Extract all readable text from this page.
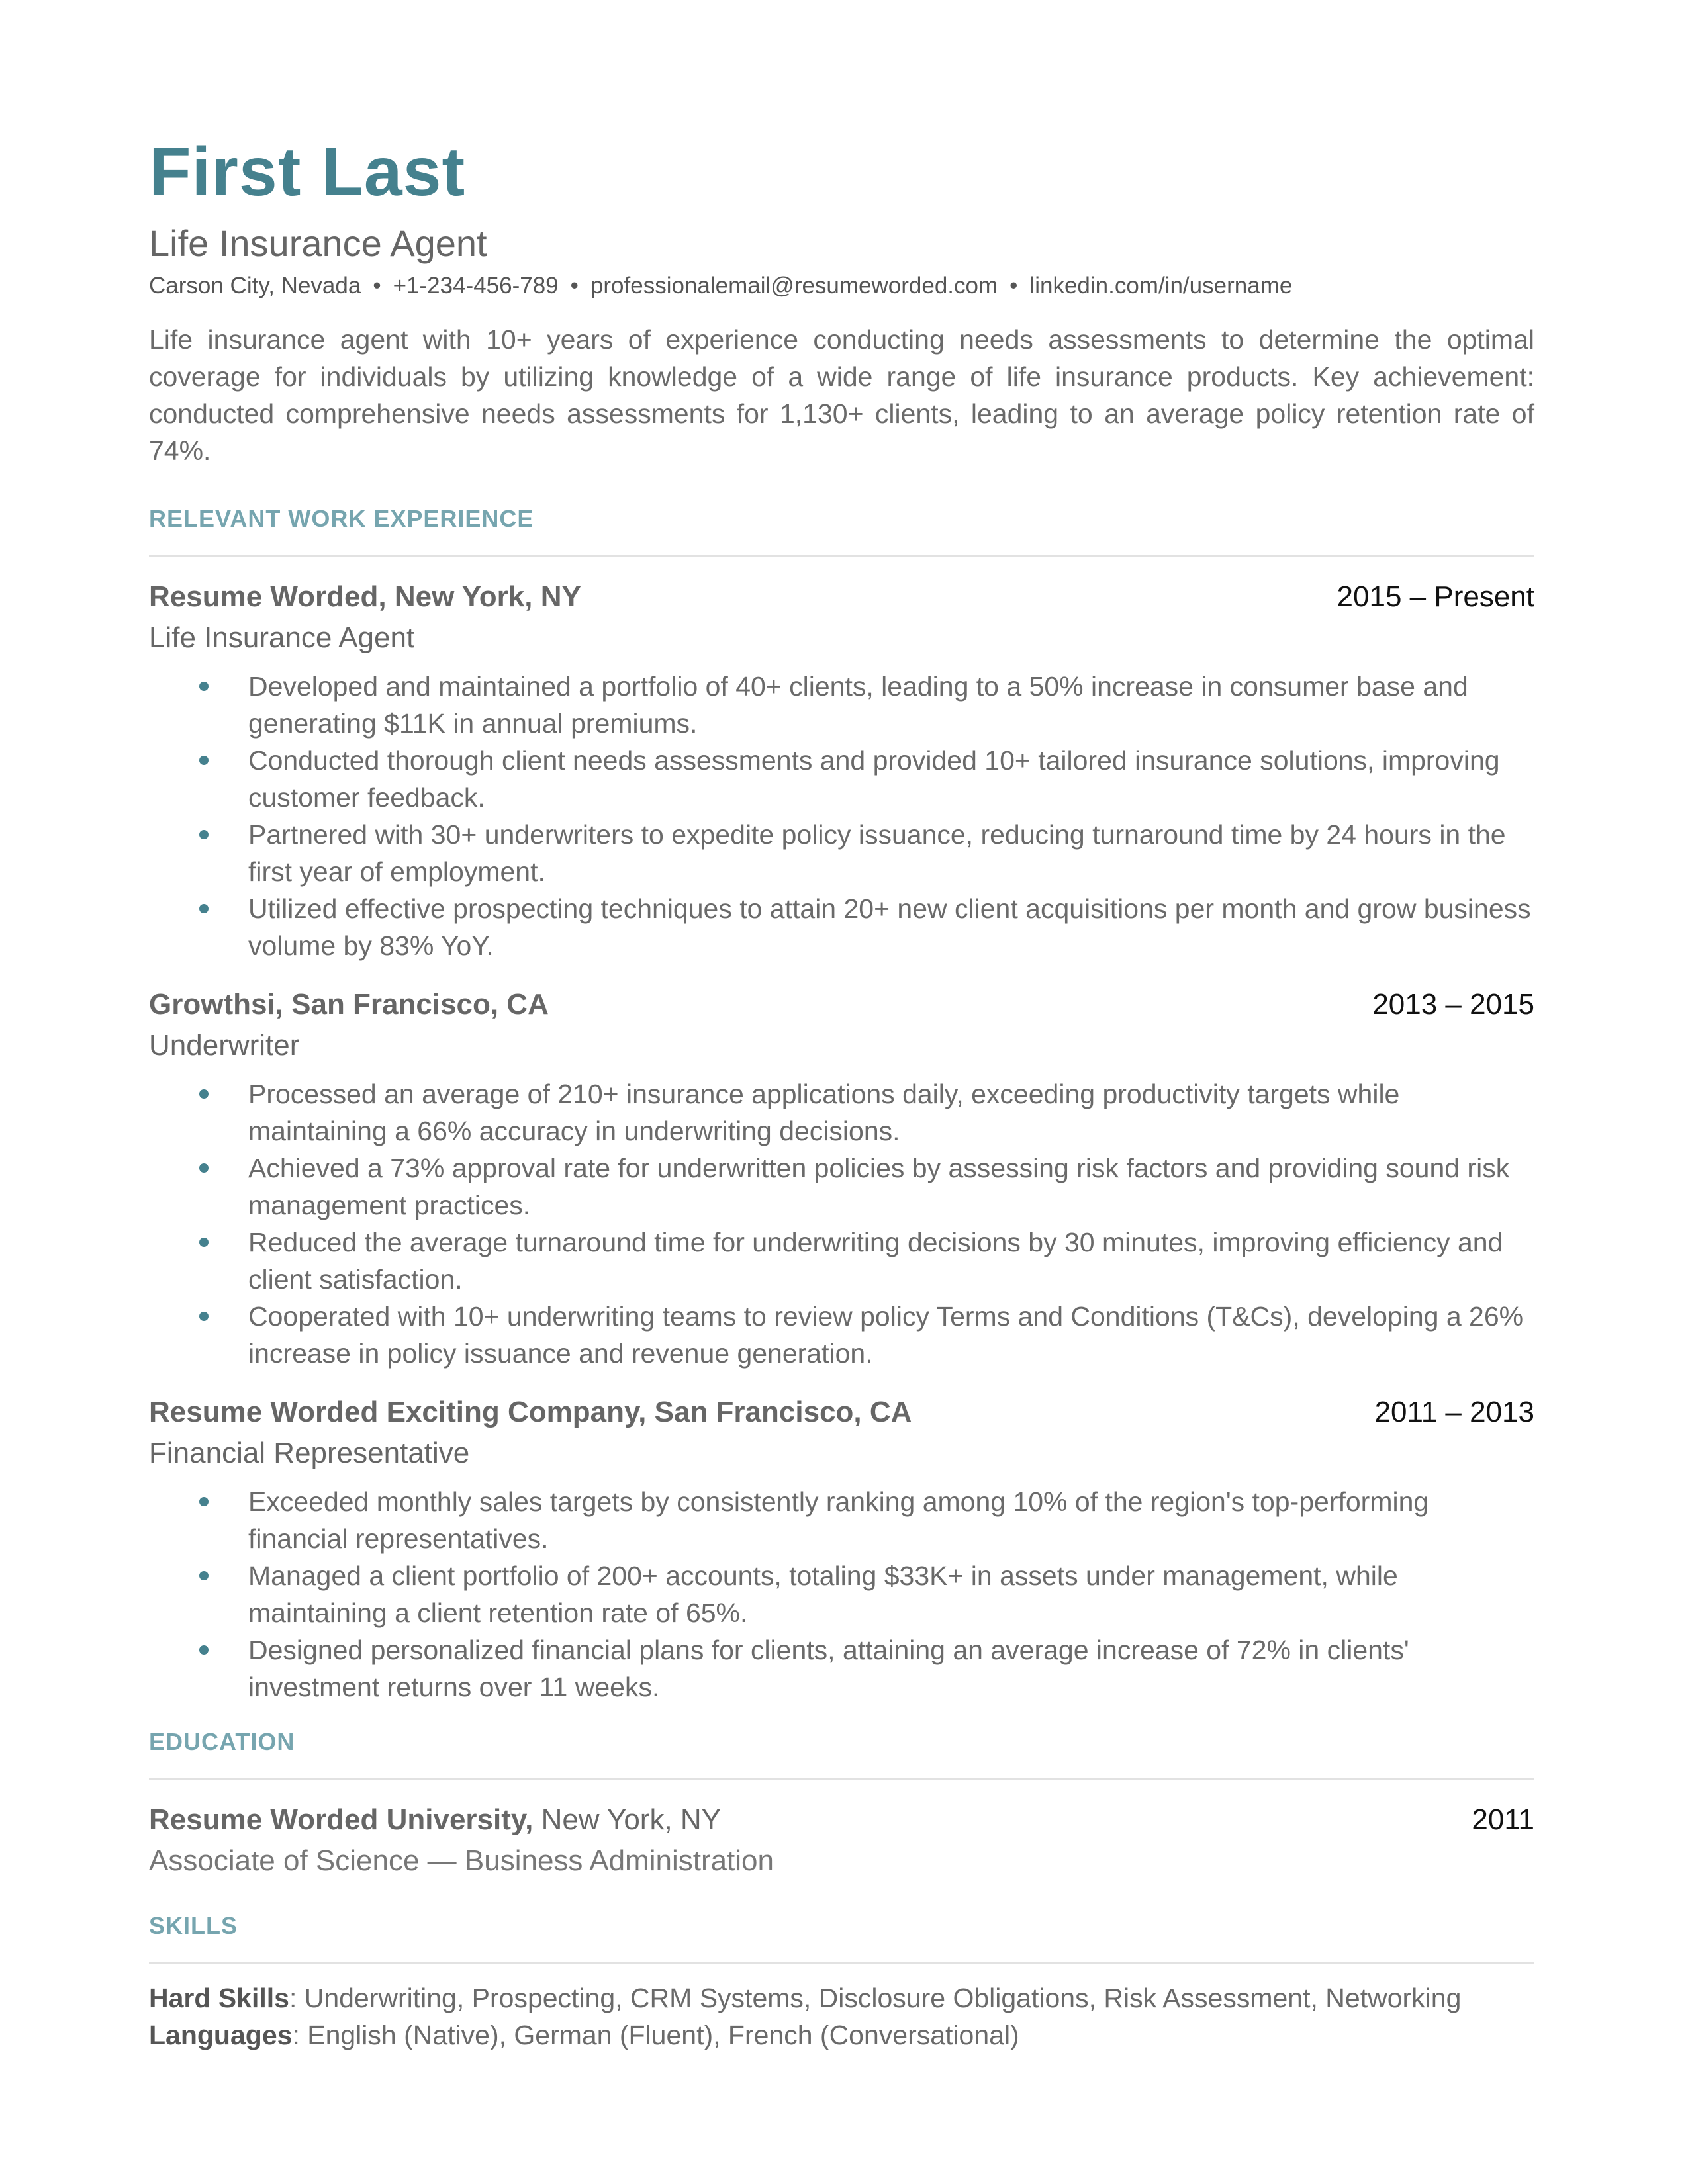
First Last
Life Insurance Agent
Carson City, Nevada • +1-234-456-789 • professionalemail@resumeworded.com • linkedin.com/in/username
Life insurance agent with 10+ years of experience conducting needs assessments to determine the optimal coverage for individuals by utilizing knowledge of a wide range of life insurance products. Key achievement: conducted comprehensive needs assessments for 1,130+ clients, leading to an average policy retention rate of 74%.
RELEVANT WORK EXPERIENCE
Resume Worded, New York, NY	2015 – Present
Life Insurance Agent
Developed and maintained a portfolio of 40+ clients, leading to a 50% increase in consumer base and generating $11K in annual premiums.
Conducted thorough client needs assessments and provided 10+ tailored insurance solutions, improving customer feedback.
Partnered with 30+ underwriters to expedite policy issuance, reducing turnaround time by 24 hours in the first year of employment.
Utilized effective prospecting techniques to attain 20+ new client acquisitions per month and grow business volume by 83% YoY.
Growthsi, San Francisco, CA	2013 – 2015
Underwriter
Processed an average of 210+ insurance applications daily, exceeding productivity targets while maintaining a 66% accuracy in underwriting decisions.
Achieved a 73% approval rate for underwritten policies by assessing risk factors and providing sound risk management practices.
Reduced the average turnaround time for underwriting decisions by 30 minutes, improving efficiency and client satisfaction.
Cooperated with 10+ underwriting teams to review policy Terms and Conditions (T&Cs), developing a 26% increase in policy issuance and revenue generation.
Resume Worded Exciting Company, San Francisco, CA	2011 – 2013
Financial Representative
Exceeded monthly sales targets by consistently ranking among 10% of the region's top-performing financial representatives.
Managed a client portfolio of 200+ accounts, totaling $33K+ in assets under management, while maintaining a client retention rate of 65%.
Designed personalized financial plans for clients, attaining an average increase of 72% in clients' investment returns over 11 weeks.
EDUCATION
Resume Worded University, New York, NY	2011
Associate of Science — Business Administration
SKILLS
Hard Skills: Underwriting, Prospecting, CRM Systems, Disclosure Obligations, Risk Assessment, Networking
Languages: English (Native), German (Fluent), French (Conversational)
